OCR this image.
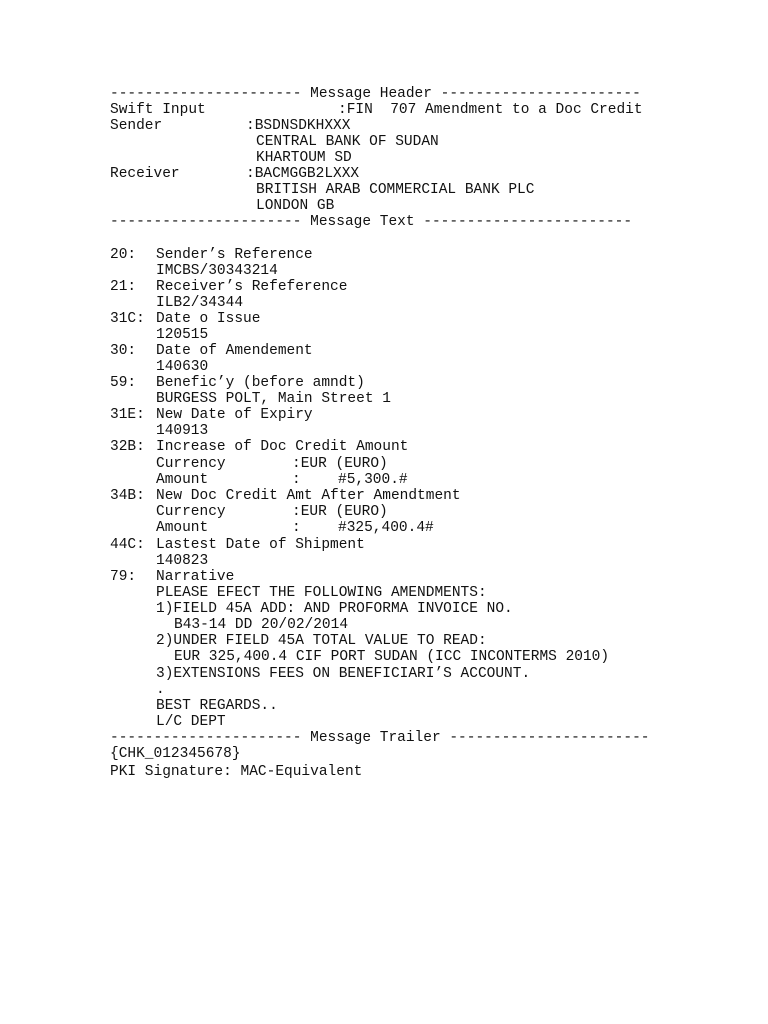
---------------------- Message Header -----------------------
Swift Input	:FIN  707 Amendment to a Doc Credit
Sender	:BSDNSDKHXXX
CENTRAL BANK OF SUDAN
KHARTOUM SD
Receiver	:BACMGGB2LXXX
BRITISH ARAB COMMERCIAL BANK PLC
LONDON GB
---------------------- Message Text ------------------------
20: Sender’s Reference
IMCBS/30343214
21: Receiver’s Refeference
ILB2/34344
31C: Date o Issue
120515
30: Date of Amendement
140630
59: Benefic’y (before amndt)
BURGESS POLT, Main Street 1
31E: New Date of Expiry
140913
32B: Increase of Doc Credit Amount
Currency	:EUR (EURO)
Amount	:	#5,300.#
34B: New Doc Credit Amt After Amendtment
Currency	:EUR (EURO)
Amount	:	#325,400.4#
44C: Lastest Date of Shipment
140823
79: Narrative
PLEASE EFECT THE FOLLOWING AMENDMENTS:
1)FIELD 45A ADD: AND PROFORMA INVOICE NO.
B43-14 DD 20/02/2014
2)UNDER FIELD 45A TOTAL VALUE TO READ:
EUR 325,400.4 CIF PORT SUDAN (ICC INCONTERMS 2010)
3)EXTENSIONS FEES ON BENEFICIARI’S ACCOUNT.
.
BEST REGARDS..
L/C DEPT
---------------------- Message Trailer -----------------------
{CHK_012345678}
PKI Signature: MAC-Equivalent
